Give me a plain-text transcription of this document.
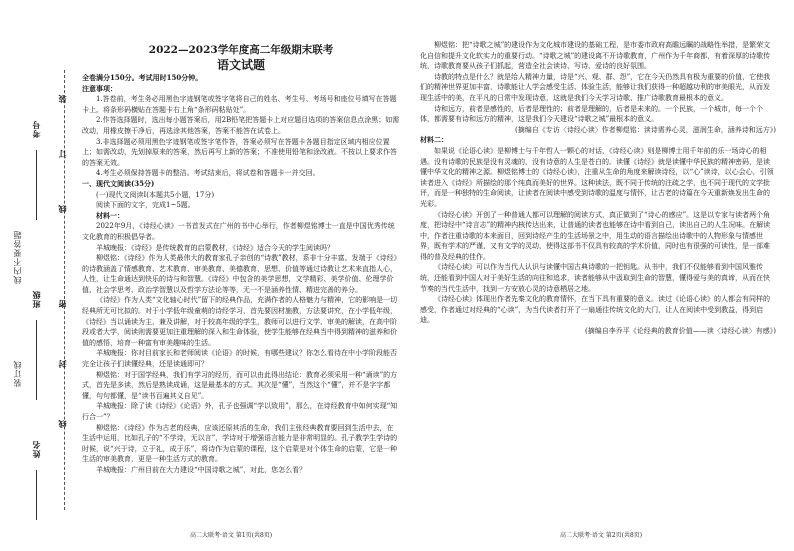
考号
班级
姓名
装
订
线
密
封
线
线内不要答题
装订线
2022—2023学年度高二年级期末联考
语文试题

全卷满分150分。考试用时150分钟。

注意事项：

1.答卷前，考生务必用黑色字迹钢笔或签字笔将自己的姓名、考生号、考场号和座位号填写在答题卡上。将条形码横贴在答题卡右上角“条形码粘贴处”。

2.作答选择题时，选出每小题答案后，用2B铅笔把答题卡上对应题目选项的答案信息点涂黑；如需改动，用橡皮擦干净后，再选涂其他答案，答案不能答在试卷上。

3.非选择题必须用黑色字迹钢笔或签字笔作答，答案必须写在答题卡各题目指定区域内相应位置上；如需改动，先划掉原来的答案，然后再写上新的答案；不准使用铅笔和涂改液。不按以上要求作答的答案无效。

4.考生必须保持答题卡的整洁。考试结束后，将试卷和答题卡一并交回。

一、现代文阅读(35分)

(一)现代文阅读Ⅰ(本题共5小题，17分)

阅读下面的文字，完成1~5题。

材料一：

2022年9月，《诗经心读》一书首发式在广州的书中心举行，作者柳煜铭博士一直是中国优秀传统文化教育的积极倡导者。

羊城晚报：《诗经》是传统教育的启蒙教材，《诗经》适合今天的学生阅读吗？

柳煜铭：《诗经》作为人类最伟大的教育家孔子亲创的“诗教”教材，系非十分丰富。发端于《诗经》的诗教涵盖了情感教育、艺术教育、审美教育、美德教育、思想、价值等通过诗教让艺术来直指人心，人性，让生命通达到快乐的诗与和智慧。《诗经》中包含的美学思想，文学精彩、美学价值、伦理学价值、社会学思考、政治学智慧以及哲学方法论等等，无一不是涵养性情、精进完善的养分。

《诗经》作为人类“文化轴心时代”留下的经典作品，充满作者的人格魅力与精神，它的影响是一切经典所无可比拟的。对于小学低年级童萌的诗经学习，首先要因材施教，方法要讲究，在小学低年级，《诗经》当以诵读为主，兼及讲解，对于较高年级的学生，教师可以进行文学、审美的解读，在高中阶段或者大学，阅读则需要更加注重理解的深入和生命体验，使学生能够在经典当中得到精神的滋养和价值的感悟，培育一种富有审美趣味的生活。

羊城晚报：你对目前家长和老师阅读《论语》的时候，有哪些建议？你怎么看待在中小学阶段能否完全让孩子们读懂经典，还是读通即可？

柳煜铭：对于国学经典，我们有学习的经历，而可以由此得出结论：教育必须采用一种“诵读”的方式，首先是多读，然后是熟读成诵，这是最基本的方式。其次是“懂”，当然这个“懂”，并不是字字都懂，句句都懂，是“读书百遍其义自见”。

羊城晚报：除了读《诗经》《论语》外，孔子也强调“学以致用”，那么，在诗经教育中如何实现“知行合一”？

柳煜铭：《诗经》作为古老的经典，应该还原其活的生命，我们主张经典教育要回到生活中去，在生活中运用，比如孔子的“不学诗，无以言”，学诗对于增强语言能力是非常明显的。孔子教学生学诗的时候，说“兴于诗，立于礼，成于乐”，将诗作为启蒙的课程，这个启蒙是对个体生命的启蒙，它是一种生活的审美教育，更是一种生活方式的教育。

羊城晚报：广州目前在大力建设“中国诗歌之城”，对此，您怎么看？

柳煜铭：把“诗歌之城”的建设作为文化城市建设的基础工程，是市委市政府高瞻远瞩的战略性举措，是繁荣文化自信和提升文化软实力的重要行动。“诗歌之城”的建设离不开诗歌教育，广州作为千年商都，有着深厚的诗歌传统，诗歌教育要从孩子们抓起，营造全社会读诗、写诗、爱诗的良好氛围。

诗教的特点是什么？就是给人精神力量，诗是“兴、观、群、怨”，它在今天仍然具有极为重要的价值，它使我们的精神世界更加丰富，诗歌能让人学会感受生活、体验生活，能够让我们获得一种超越功利的审美眼光，从而发现生活中的美，在平凡的日常中发现诗意，这就是我们今天学习诗歌、推广诗歌教育最根本的意义。

诗和远方，前者是感性的，后者是理性的；前者是理解的，后者是未来的。一个民族，一个城市，每一个个体，都需要有诗和远方的精神，这是我们今天建设“诗歌之城”最根本的意义。

(摘编自《专访〈诗经心读〉作者柳煜铭：读诗需养心灵，滋润生命，涵养诗和远方》)

材料二：

如果说《论语心读》是柳博士与千年哲人一颗心的对话，《诗经心读》则是柳博士用千年前的乐一场诗心的相遇。没有诗歌的民族是没有灵魂的，没有诗意的人生是苍白的。读懂《诗经》就是读懂中华民族的精神密码，是读懂中华文化的精神之源。柳煜铭博士的《诗经心读》，注重从生命的角度来解读诗经，以“心”读诗，以心会心，引领读者进入《诗经》所描绘的那个纯真而美好的世界。这种读法，既不同于传统的注疏之学，也不同于现代的文学批评，而是一种独特的生命阅读，让读者在阅读中感受到诗歌的温度与情怀，让古老的诗篇在今天重新焕发出生命的光彩。

《诗经心读》开创了一种普通人都可以理解的阅读方式，真正做到了“诗心的感应”。这是以专家与读者两个角度，把诗经中“诗言志”的精神内核传达出来，让普通的读者也能够在诗中看到自己，读出自己的人生况味。在解读中，作者注重诗歌的本来面目，回到诗经产生的生活场景之中，用生动的语言描绘出诗歌中的人物形象与情感世界，既有学术的严谨，又有文学的灵动，使得这部书不仅具有较高的学术价值，同时也有很强的可读性，是一部难得的普及经典的佳作。

《诗经心读》可以作为当代人认识与读懂中国古典诗歌的一把钥匙。从书中，我们不仅能够看到中国风雅传统，还能看到中国人对于美好生活的向往和追求，读者能够从中汲取到生命的智慧，懂得爱与美的真谛，从而在快节奏的当代生活中，找到一方安放心灵的诗意栖居之地。

《诗经心读》体现出作者先秦文化的教育情怀，在当下具有重要的意义。读过《论语心读》的人都会有同样的感受，作者通过对经典的“心读”，为当代读者打开了一扇通往传统文化的大门，让人在阅读中受到教益，得到启迪。

(摘编自李乔平《论经典的教育价值——读〈诗经心读〉有感》)

高二大联考·语文 第1页(共8页)	高二大联考·语文 第2页(共8页)
